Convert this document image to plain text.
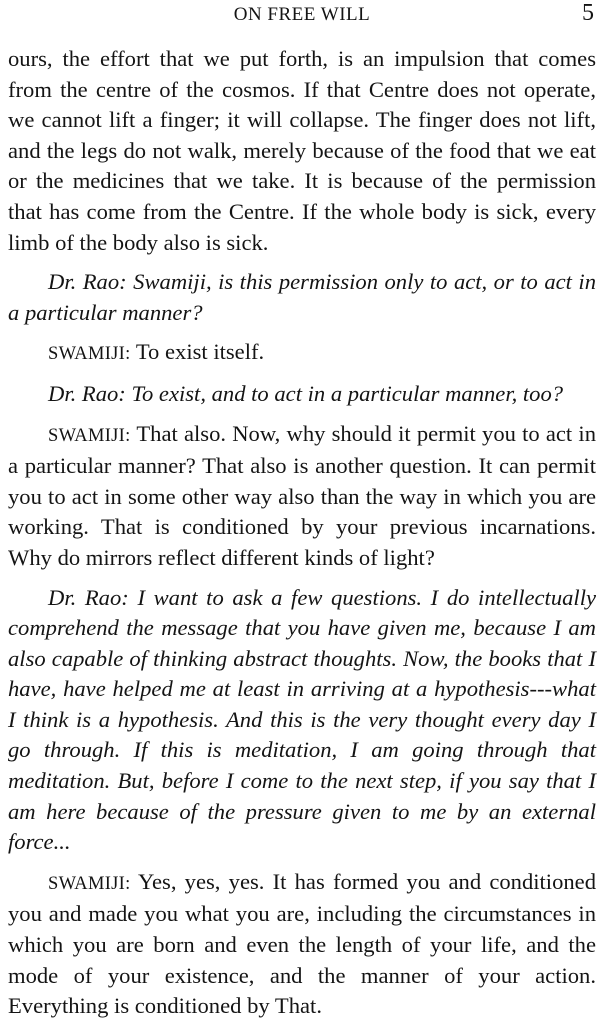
ON FREE WILL	5

ours, the effort that we put forth, is an impulsion that comes from the centre of the cosmos. If that Centre does not operate, we cannot lift a finger; it will collapse. The finger does not lift, and the legs do not walk, merely because of the food that we eat or the medicines that we take. It is because of the permission that has come from the Centre. If the whole body is sick, every limb of the body also is sick.

Dr. Rao: Swamiji, is this permission only to act, or to act in a particular manner?

SWAMIJI: To exist itself.

Dr. Rao: To exist, and to act in a particular manner, too?

SWAMIJI: That also. Now, why should it permit you to act in a particular manner? That also is another question. It can permit you to act in some other way also than the way in which you are working. That is conditioned by your previous incarnations. Why do mirrors reflect different kinds of light?

Dr. Rao: I want to ask a few questions. I do intellectually comprehend the message that you have given me, because I am also capable of thinking abstract thoughts. Now, the books that I have, have helped me at least in arriving at a hypothesis---what I think is a hypothesis. And this is the very thought every day I go through. If this is meditation, I am going through that meditation. But, before I come to the next step, if you say that I am here because of the pressure given to me by an external force...

SWAMIJI: Yes, yes, yes. It has formed you and conditioned you and made you what you are, including the circumstances in which you are born and even the length of your life, and the mode of your existence, and the manner of your action. Everything is conditioned by That.
